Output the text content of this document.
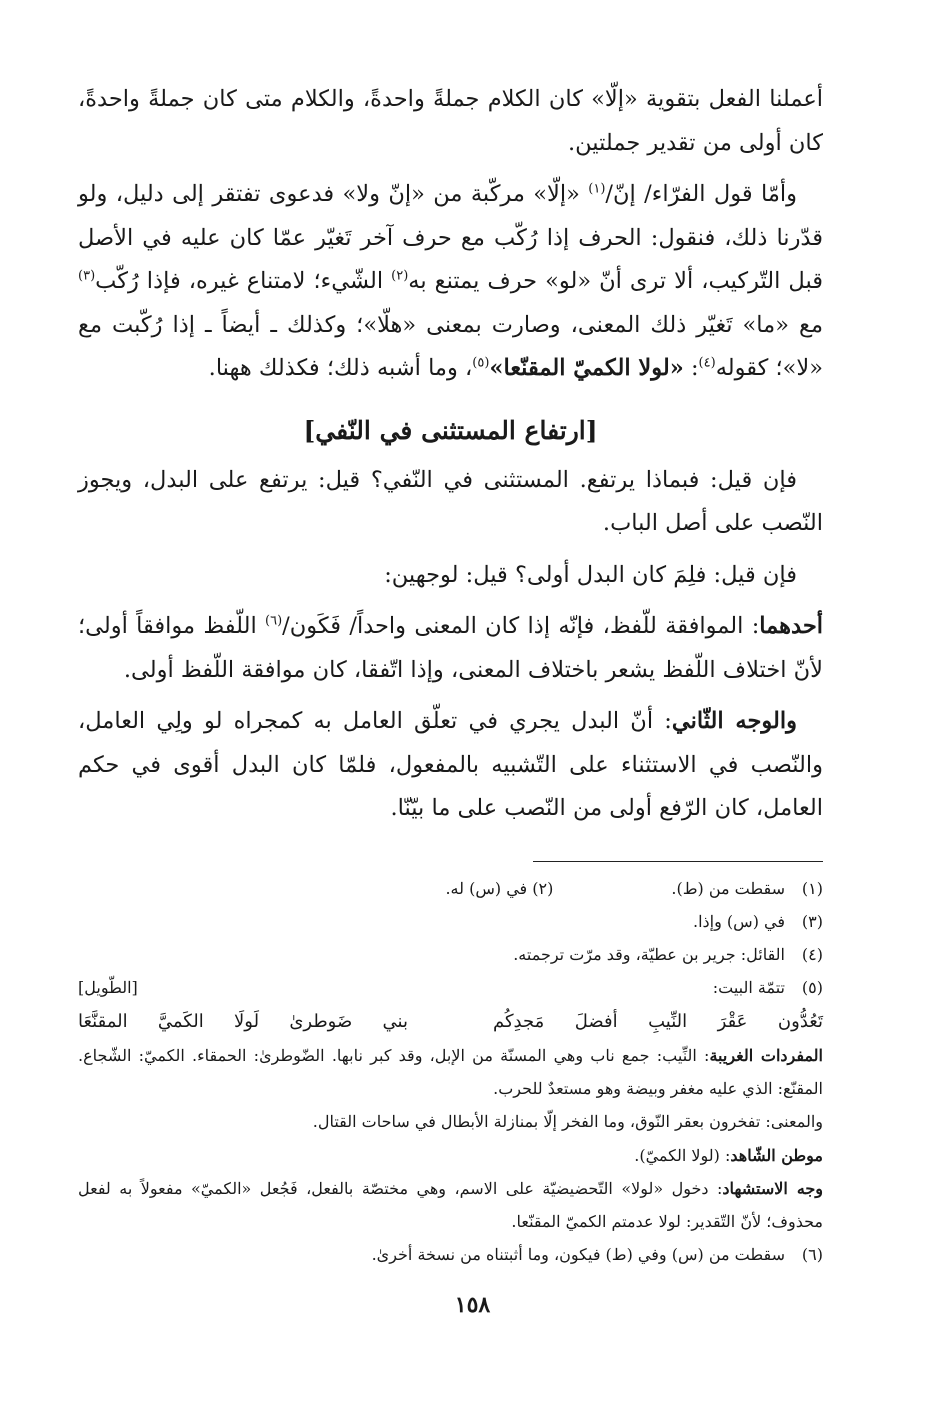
أعملنا الفعل بتقوية «إلّا» كان الكلام جملةً واحدةً، والكلام متى كان جملةً واحدةً، كان أولى من تقدير جملتين.

وأمّا قول الفرّاء/ إنّ/$^{(١)}$ «إلّا» مركّبة من «إنّ ولا» فدعوى تفتقر إلى دليل، ولو قدّرنا ذلك، فنقول: الحرف إذا رُكّب مع حرف آخر تَغيّر عمّا كان عليه في الأصل قبل التّركيب، ألا ترى أنّ «لو» حرف يمتنع به$^{(٢)}$ الشّيء؛ لامتناع غيره، فإذا رُكّب$^{(٣)}$ مع «ما» تَغيّر ذلك المعنى، وصارت بمعنى «هلّا»؛ وكذلك ـ أيضاً ـ إذا رُكّبت مع «لا»؛ كقوله$^{(٤)}$: «لولا الكميّ المقنّعا»$^{(٥)}$، وما أشبه ذلك؛ فكذلك ههنا.

[ارتفاع المستثنى في النّفي]

فإن قيل: فبماذا يرتفع. المستثنى في النّفي؟ قيل: يرتفع على البدل، ويجوز النّصب على أصل الباب.

فإن قيل: فلِمَ كان البدل أولى؟ قيل: لوجهين:

أحدهما: الموافقة للّفظ، فإنّه إذا كان المعنى واحداً/ فَكَون/$^{(٦)}$ اللّفظ موافقاً أولى؛ لأنّ اختلاف اللّفظ يشعر باختلاف المعنى، وإذا اتّفقا، كان موافقة اللّفظ أولى.

والوجه الثّاني: أنّ البدل يجري في تعلّق العامل به كمجراه لو ولِي العامل، والنّصب في الاستثناء على التّشبيه بالمفعول، فلمّا كان البدل أقوى في حكم العامل، كان الرّفع أولى من النّصب على ما بيّنّا.

(١)
سقطت من (ط).(٢) في (س) له.
(٣)
في (س) وإذا.
(٤)
القائل: جرير بن عطيّة، وقد مرّت ترجمته.
(٥)
تتمّة البيت:
[الطّويل]
تَعُدُّون عَقْرَ النِّيبِ أفضلَ مَجدِكُم
بني ضَوطرىٰ لَولَا الكَميَّ المقنَّعَا
المفردات الغريبة: النِّيب: جمع ناب وهي المسنّة من الإبل، وقد كبر نابها. الضّوطرىٰ: الحمقاء. الكميّ: الشّجاع. المقنّع: الذي عليه مغفر وبيضة وهو مستعدٌ للحرب.
والمعنى: تفخرون بعقر النّوق، وما الفخر إلّا بمنازلة الأبطال في ساحات القتال.
موطن الشّاهد: (لولا الكميّ).
وجه الاستشهاد: دخول «لولا» التّحضيضيّة على الاسم، وهي مختصّة بالفعل، فَجُعل «الكميّ» مفعولاً به لفعل محذوف؛ لأنّ التّقدير: لولا عدمتم الكميّ المقنّعا.
(٦)
سقطت من (س) وفي (ط) فيكون، وما أثبتناه من نسخة أخرىٰ.
١٥٨
